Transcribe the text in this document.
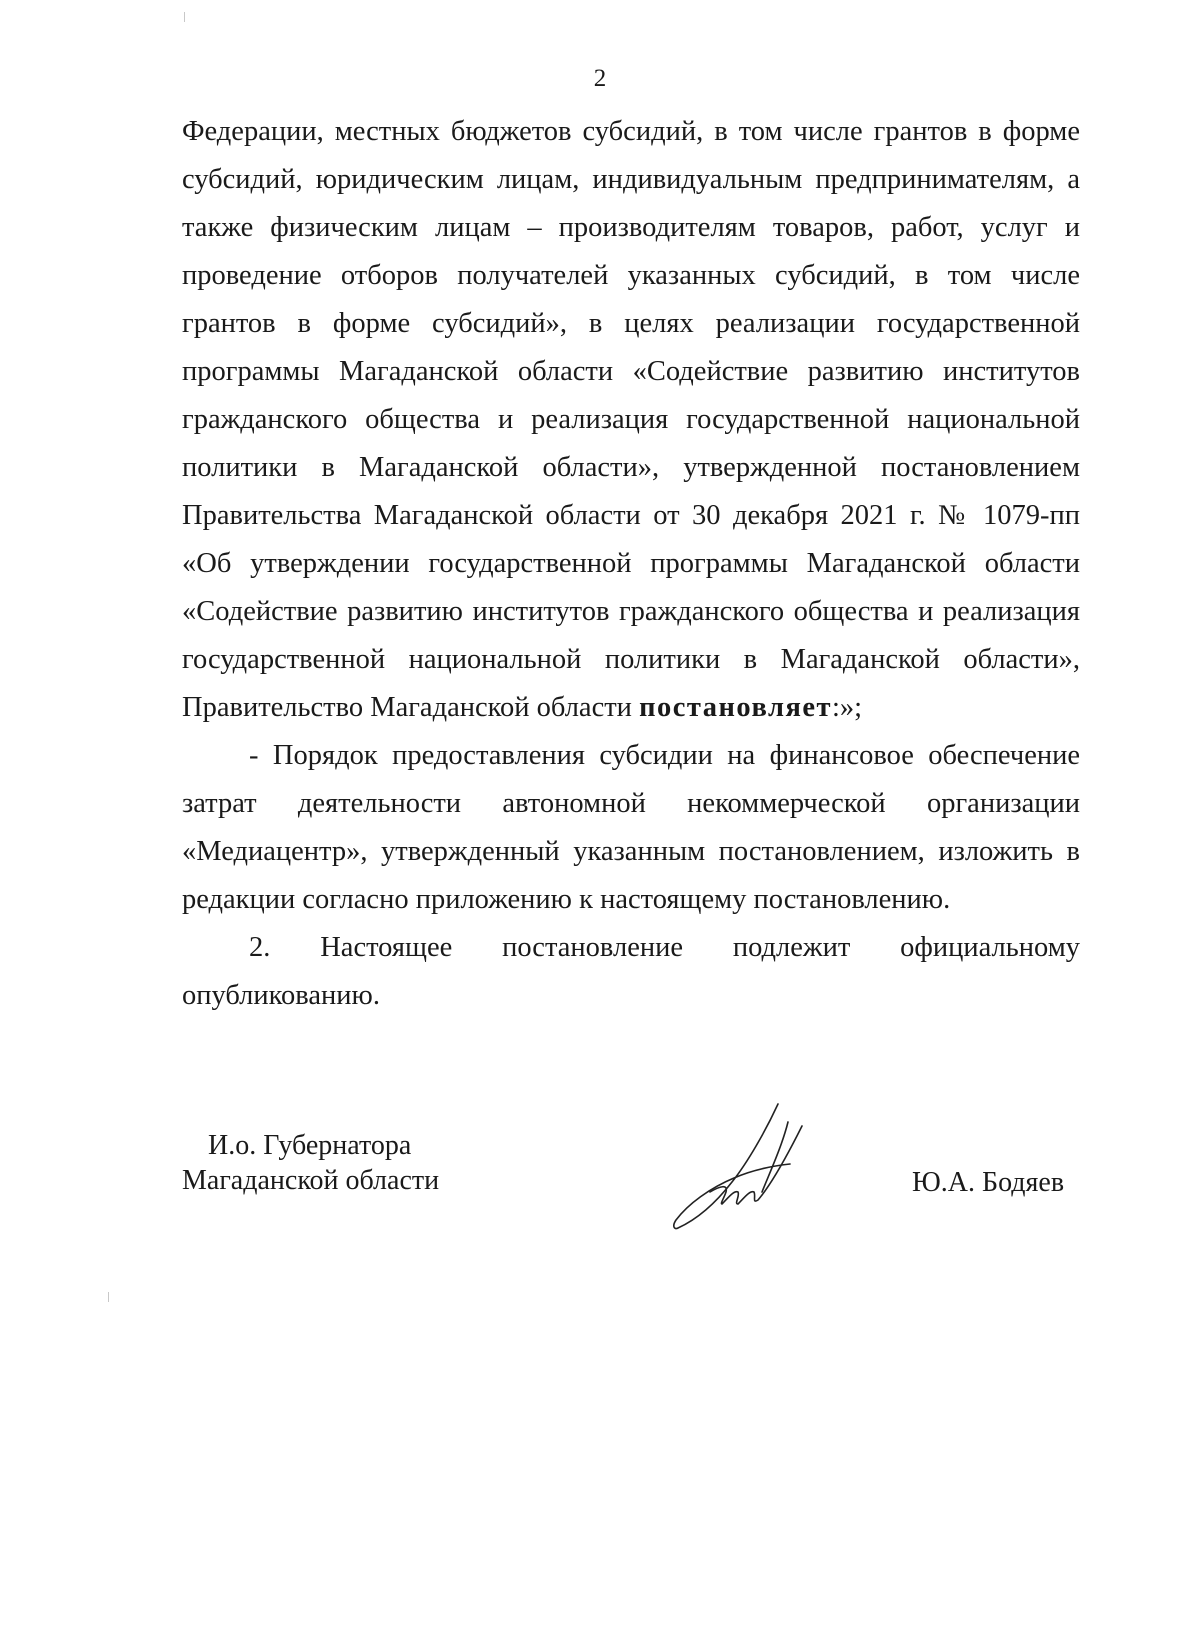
2

Федерации, местных бюджетов субсидий, в том числе грантов в форме субсидий, юридическим лицам, индивидуальным предпринимателям, а также физическим лицам – производителям товаров, работ, услуг и проведение отборов получателей указанных субсидий, в том числе грантов в форме субсидий», в целях реализации государственной программы Магаданской области «Содействие развитию институтов гражданского общества и реализация государственной национальной политики в Магаданской области», утвержденной постановлением Правительства Магаданской области от 30 декабря 2021 г. № 1079-пп «Об утверждении государственной программы Магаданской области «Содействие развитию институтов гражданского общества и реализация государственной национальной политики в Магаданской области», Правительство Магаданской области постановляет:»;

- Порядок предоставления субсидии на финансовое обеспечение затрат деятельности автономной некоммерческой организации «Медиацентр», утвержденный указанным постановлением, изложить в редакции согласно приложению к настоящему постановлению.

2. Настоящее постановление подлежит официальному опубликованию.

И.о. Губернатора
Магаданской области	Ю.А. Бодяев
